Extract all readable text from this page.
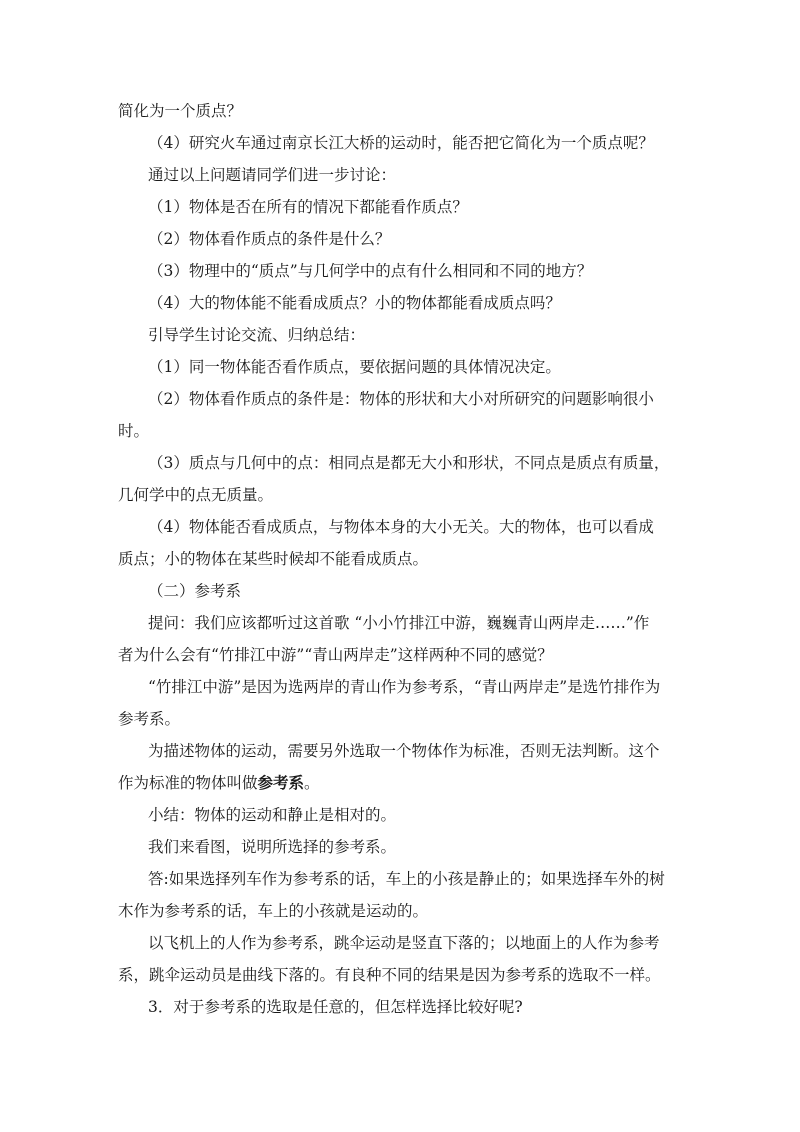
简化为一个质点？
（4）研究火车通过南京长江大桥的运动时，能否把它简化为一个质点呢？
通过以上问题请同学们进一步讨论：
（1）物体是否在所有的情况下都能看作质点？
（2）物体看作质点的条件是什么？
（3）物理中的“质点”与几何学中的点有什么相同和不同的地方？
（4）大的物体能不能看成质点？小的物体都能看成质点吗？
引导学生讨论交流、归纳总结：
（1）同一物体能否看作质点，要依据问题的具体情况决定。
（2）物体看作质点的条件是：物体的形状和大小对所研究的问题影响很小
时。
（3）质点与几何中的点：相同点是都无大小和形状，不同点是质点有质量，
几何学中的点无质量。
（4）物体能否看成质点，与物体本身的大小无关。大的物体，也可以看成
质点；小的物体在某些时候却不能看成质点。
（二）参考系
提问：我们应该都听过这首歌 “小小竹排江中游，巍巍青山两岸走……”作
者为什么会有“竹排江中游”“青山两岸走”这样两种不同的感觉？
“竹排江中游”是因为选两岸的青山作为参考系，“青山两岸走”是选竹排作为
参考系。
为描述物体的运动，需要另外选取一个物体作为标准，否则无法判断。这个
作为标准的物体叫做参考系。
小结：物体的运动和静止是相对的。
我们来看图，说明所选择的参考系。
答:如果选择列车作为参考系的话，车上的小孩是静止的；如果选择车外的树
木作为参考系的话，车上的小孩就是运动的。
以飞机上的人作为参考系，跳伞运动是竖直下落的；以地面上的人作为参考
系，跳伞运动员是曲线下落的。有良种不同的结果是因为参考系的选取不一样。
3．对于参考系的选取是任意的，但怎样选择比较好呢?
